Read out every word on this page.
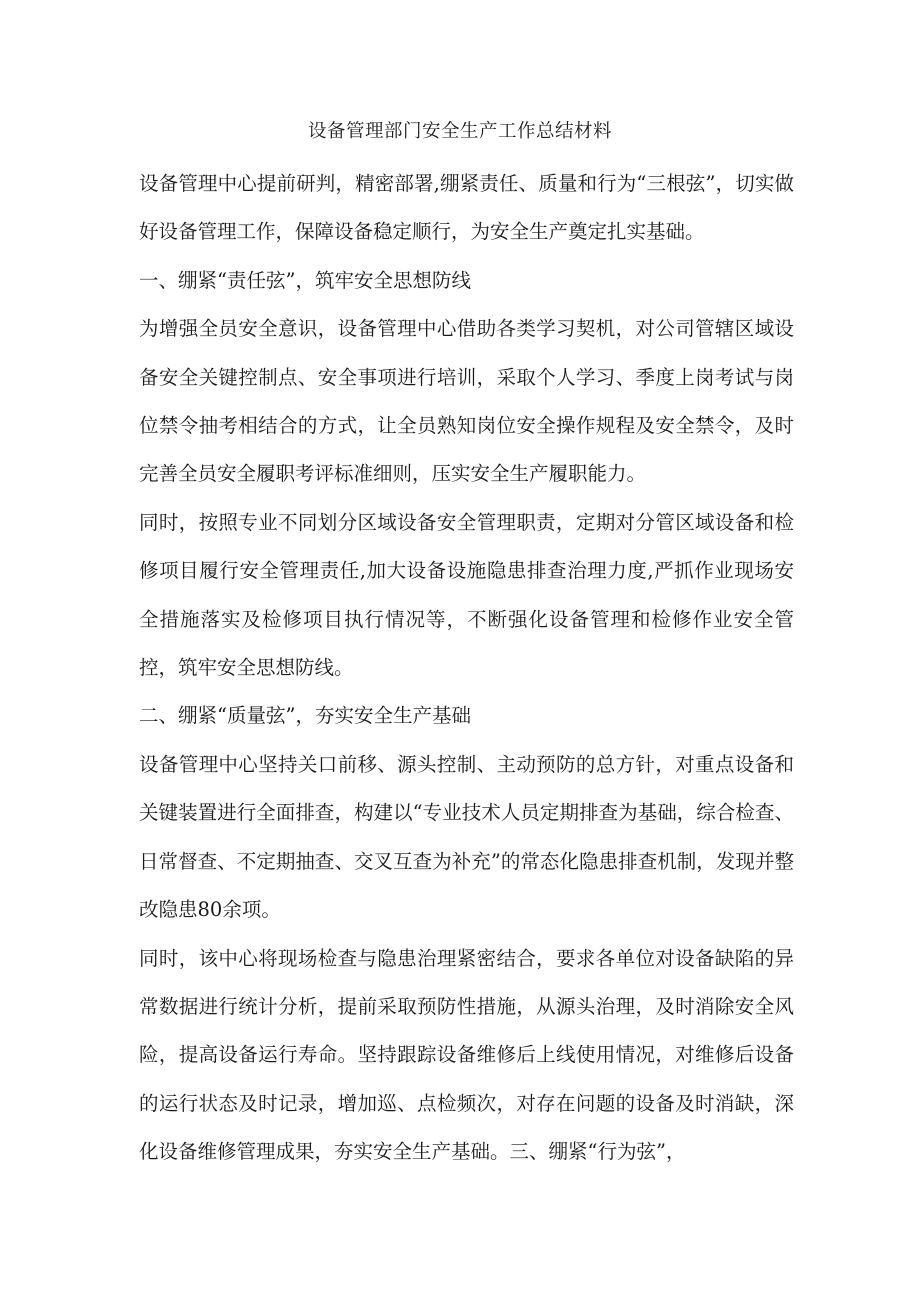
设备管理部门安全生产工作总结材料

设备管理中心提前研判，精密部署,绷紧责任、质量和行为“三根弦”，切实做好设备管理工作，保障设备稳定顺行，为安全生产奠定扎实基础。

一、绷紧“责任弦”，筑牢安全思想防线

为增强全员安全意识，设备管理中心借助各类学习契机，对公司管辖区域设备安全关键控制点、安全事项进行培训，采取个人学习、季度上岗考试与岗位禁令抽考相结合的方式，让全员熟知岗位安全操作规程及安全禁令，及时完善全员安全履职考评标准细则，压实安全生产履职能力。

同时，按照专业不同划分区域设备安全管理职责，定期对分管区域设备和检修项目履行安全管理责任,加大设备设施隐患排查治理力度,严抓作业现场安全措施落实及检修项目执行情况等，不断强化设备管理和检修作业安全管控，筑牢安全思想防线。

二、绷紧“质量弦”，夯实安全生产基础

设备管理中心坚持关口前移、源头控制、主动预防的总方针，对重点设备和关键装置进行全面排查，构建以“专业技术人员定期排查为基础，综合检查、日常督查、不定期抽查、交叉互查为补充”的常态化隐患排查机制，发现并整改隐患80余项。

同时，该中心将现场检查与隐患治理紧密结合，要求各单位对设备缺陷的异常数据进行统计分析，提前采取预防性措施，从源头治理，及时消除安全风险，提高设备运行寿命。坚持跟踪设备维修后上线使用情况，对维修后设备的运行状态及时记录，增加巡、点检频次，对存在问题的设备及时消缺，深化设备维修管理成果，夯实安全生产基础。三、绷紧“行为弦”，
